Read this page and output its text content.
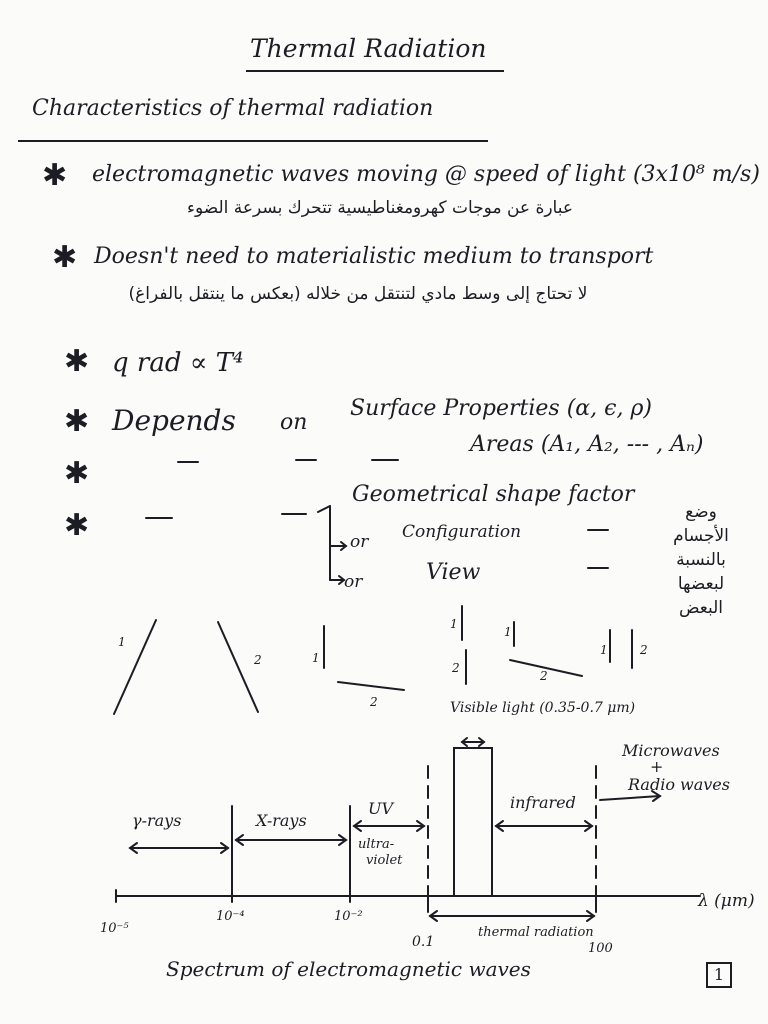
Thermal Radiation
Characteristics of thermal radiation
✱ electromagnetic waves moving @ speed of light (3x10⁸ m/s)
عبارة عن موجات كهرومغناطيسية تتحرك بسرعة الضوء
✱ Doesn't need to materialistic medium to transport
لا تحتاج إلى وسط مادي لتنتقل من خلاله (بعكس ما ينتقل بالفراغ)
✱ q rad ∝ T⁴
✱ Depends on
Surface Properties (α, ϵ, ρ)
✱
Areas (A₁, A₂, --- , Aₙ)
✱
Geometrical shape factor
or Configuration
or	View
وضع الأجسام بالنسبة لبعضها البعض
1
2	1
2
1
2
1
2
1	2
Visible light (0.35-0.7 μm)
Microwaves
+
Radio waves
γ-rays	X-rays
UV
ultra-
violet
infrared
λ (μm)
10⁻⁵
10⁻⁴	10⁻²
0.1	100
thermal radiation
Spectrum of electromagnetic waves	1
